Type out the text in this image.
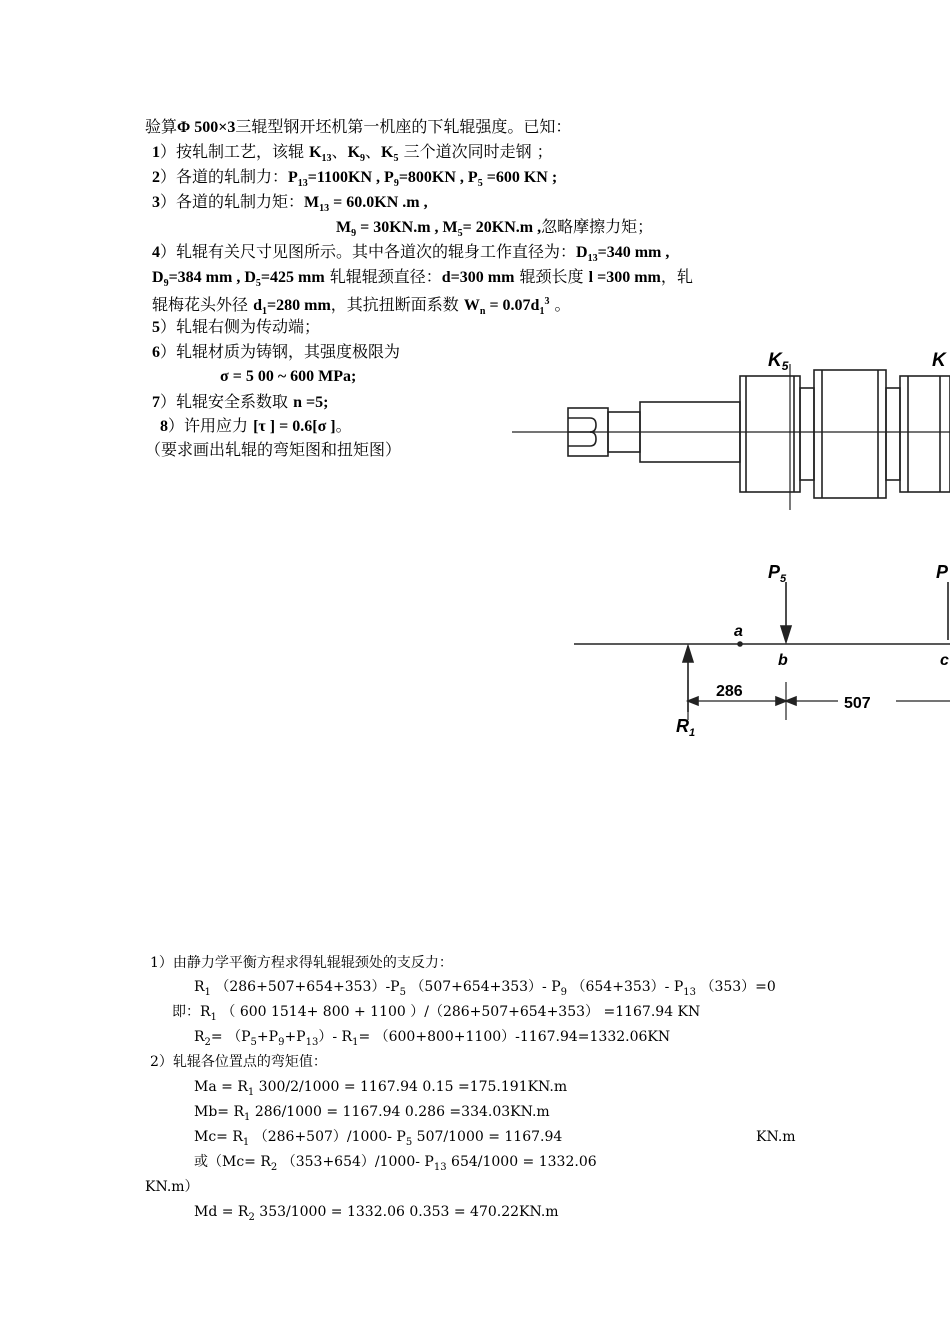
验算Φ 500×3三辊型钢开坯机第一机座的下轧辊强度。已知：
1）按轧制工艺，该辊 $K_{13}$、$K_9$、$K_5$ 三个道次同时走钢 ；
2）各道的轧制力：$P_{13}=1100KN$ , $P_9=800KN$ , $P_5 =600$ KN ;
3）各道的轧制力矩：$M_{13} = 60.0KN$ .m ,
$M_9 = 30KN.m$ , $M_5= 20KN.m$ ,忽略摩擦力矩；
4）轧辊有关尺寸见图所示。其中各道次的辊身工作直径为：$D_{13}=340$ mm ,
$D_9=384$ mm , $D_5=425$ mm 轧辊辊颈直径：d=300 mm 辊颈长度 l =300 mm，轧
辊梅花头外径 $d_1=280$ mm，其抗扭断面系数 $W_n = 0.07d_1^3$ 。
5）轧辊右侧为传动端；
6）轧辊材质为铸钢，其强度极限为
σ = 5 00 ~ 600 MPa;
7）轧辊安全系数取 n =5;
8）许用应力 [τ ] = 0.6[σ ]。
（要求画出轧辊的弯矩图和扭矩图）
$K_5$	K
$P_5$	P
a
b	c
286
507
$R_1$
1）由静力学平衡方程求得轧辊辊颈处的支反力：
$R_1$ $(286+507+654+353)-P_5$ （507+654+353）- $P_9$ （654+353）- $P_{13}$ （353）=0
即：$R_1$ （ 600 1514+ 800 + 1100 ）/（286+507+654+353） =1167.94 KN
$R_2= (P_5+P_9+P_{13})-$ $R_1= (600+800+1100)-1167.94=1332.06KN$
2）轧辊各位置点的弯矩值：
$Ma = R_1$ 300/2/1000 = 1167.94 0.15 =175.191KN.m
$Mb= R_1$ 286/1000 = 1167.94 0.286 =334.03KN.m
$Mc= R_1$ （286+507）/1000- $P_5$ 507/1000 = 1167.94	KN.m
或（$Mc= R_2$ （353+654）/1000- $P_{13}$ 654/1000 = 1332.06
KN.m）
$Md = R_2$ 353/1000 = 1332.06 0.353 = 470.22KN.m
